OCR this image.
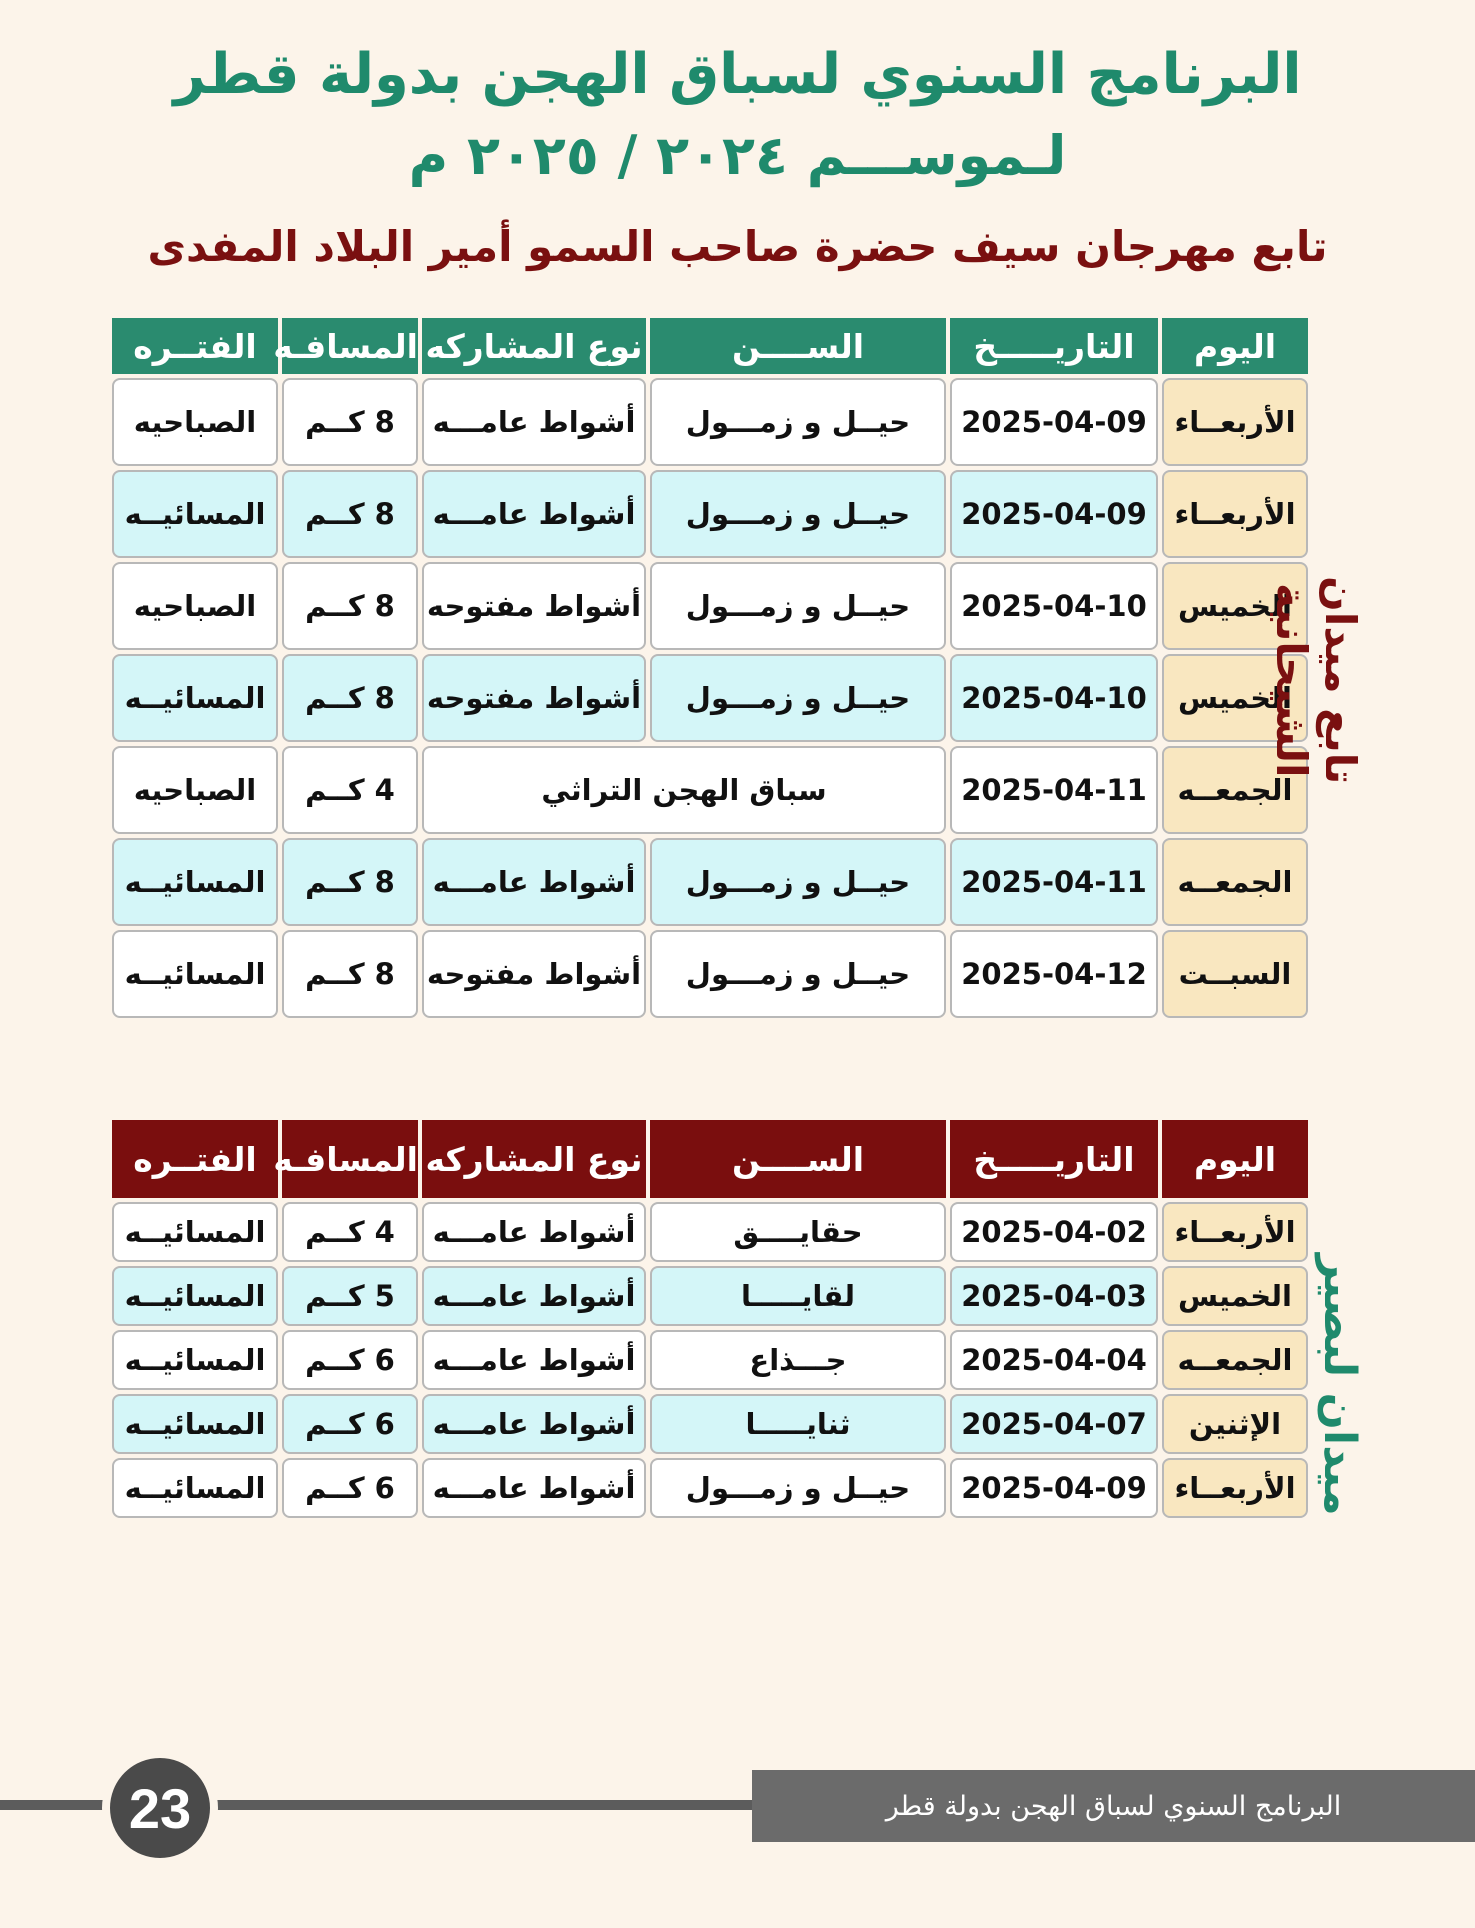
البرنامج السنوي لسباق الهجن بدولة قطر
لـموســـم ٢٠٢٤ / ٢٠٢٥ م
تابع مهرجان سيف حضرة صاحب السمو أمير البلاد المفدى
اليوم	التاريـــــخ	الســــن	نوع المشاركه	المسافـه	الفتــره
الأربعــاء	2025-04-09	حيــل و زمـــول	أشواط عامـــه	8 كــم	الصباحيه
الأربعــاء	2025-04-09	حيــل و زمـــول	أشواط عامـــه	8 كــم	المسائيــه
الخميس	2025-04-10	حيــل و زمـــول	أشواط مفتوحه	8 كــم	الصباحيه
الخميس	2025-04-10	حيــل و زمـــول	أشواط مفتوحه	8 كــم	المسائيــه
الجمعــه	2025-04-11	سباق الهجن التراثي		4 كــم	الصباحيه
الجمعــه	2025-04-11	حيــل و زمـــول	أشواط عامـــه	8 كــم	المسائيــه
السبــت	2025-04-12	حيــل و زمـــول	أشواط مفتوحه	8 كــم	المسائيــه
تابع ميدان الشيحانية
اليوم	التاريـــــخ	الســــن	نوع المشاركه	المسافـه	الفتــره
الأربعــاء	2025-04-02	حقايــــق	أشواط عامـــه	4 كــم	المسائيــه
الخميس	2025-04-03	لقايـــــا	أشواط عامـــه	5 كــم	المسائيــه
الجمعــه	2025-04-04	جـــذاع	أشواط عامـــه	6 كــم	المسائيــه
الإثنين	2025-04-07	ثنايـــــا	أشواط عامـــه	6 كــم	المسائيــه
الأربعــاء	2025-04-09	حيــل و زمـــول	أشواط عامـــه	6 كــم	المسائيــه	ميدان لبصير
البرنامج السنوي لسباق الهجن بدولة قطر
23
